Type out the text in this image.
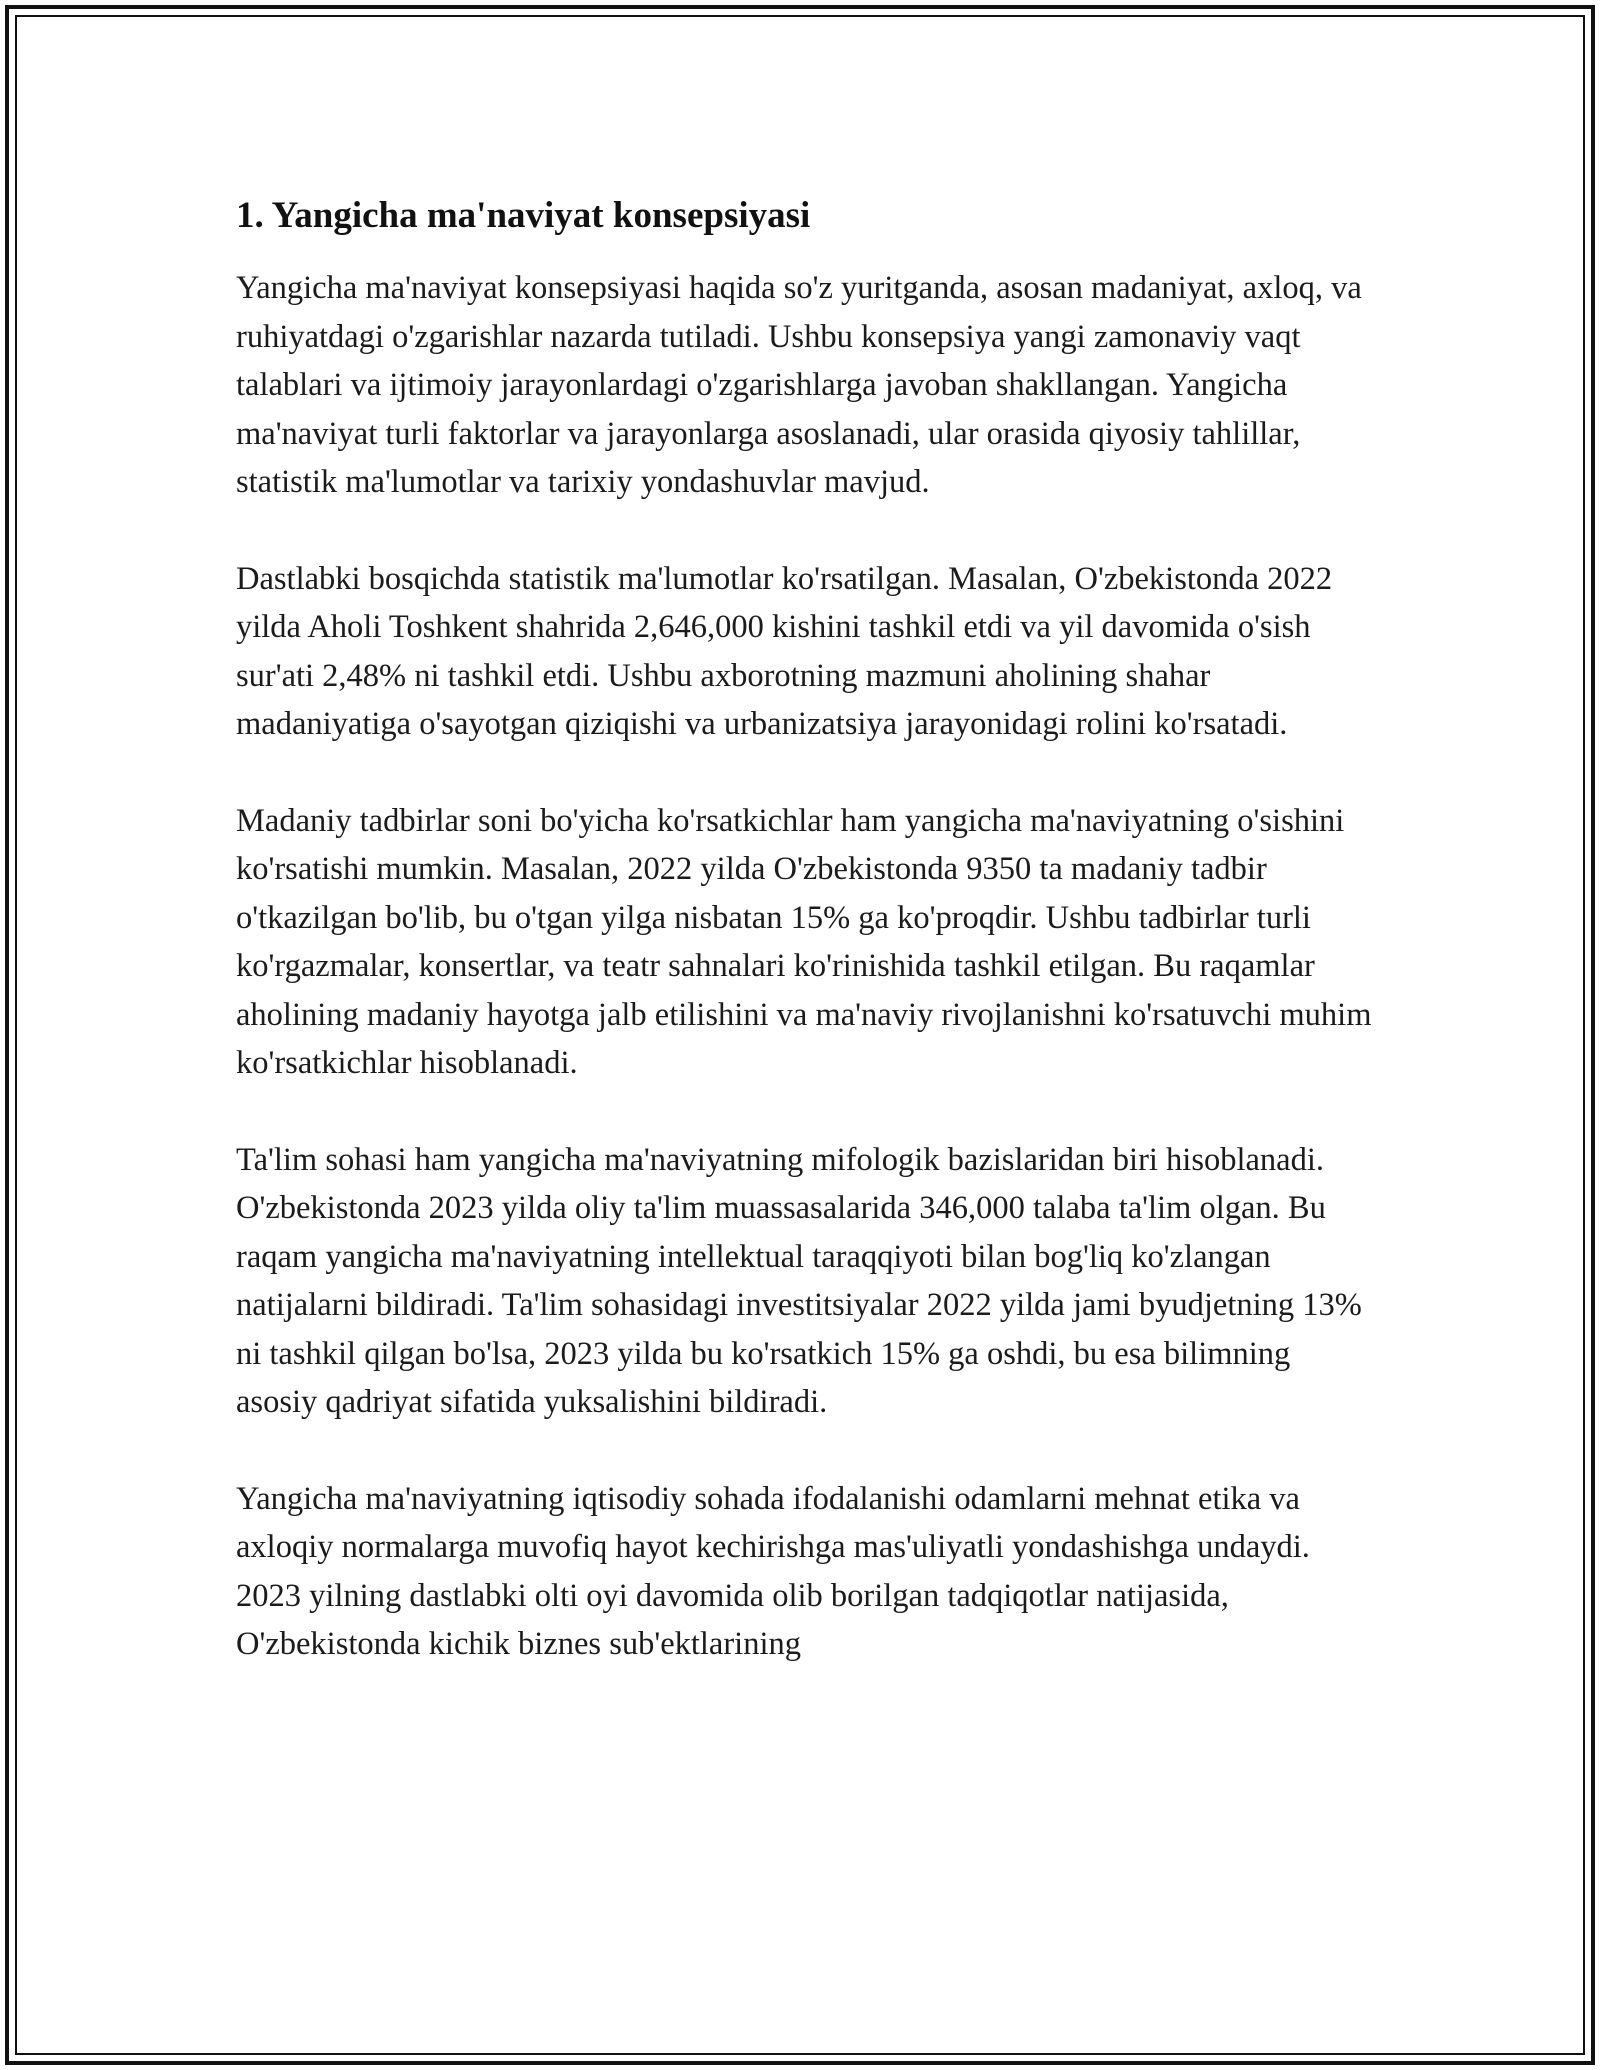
1. Yangicha ma'naviyat konsepsiyasi

Yangicha ma'naviyat konsepsiyasi haqida so'z yuritganda, asosan madaniyat, axloq, va ruhiyatdagi o'zgarishlar nazarda tutiladi. Ushbu konsepsiya yangi zamonaviy vaqt talablari va ijtimoiy jarayonlardagi o'zgarishlarga javoban shakllangan. Yangicha ma'naviyat turli faktorlar va jarayonlarga asoslanadi, ular orasida qiyosiy tahlillar, statistik ma'lumotlar va tarixiy yondashuvlar mavjud.

Dastlabki bosqichda statistik ma'lumotlar ko'rsatilgan. Masalan, O'zbekistonda 2022 yilda Aholi Toshkent shahrida 2,646,000 kishini tashkil etdi va yil davomida o'sish sur'ati 2,48% ni tashkil etdi. Ushbu axborotning mazmuni aholining shahar madaniyatiga o'sayotgan qiziqishi va urbanizatsiya jarayonidagi rolini ko'rsatadi.

Madaniy tadbirlar soni bo'yicha ko'rsatkichlar ham yangicha ma'naviyatning o'sishini ko'rsatishi mumkin. Masalan, 2022 yilda O'zbekistonda 9350 ta madaniy tadbir o'tkazilgan bo'lib, bu o'tgan yilga nisbatan 15% ga ko'proqdir. Ushbu tadbirlar turli ko'rgazmalar, konsertlar, va teatr sahnalari ko'rinishida tashkil etilgan. Bu raqamlar aholining madaniy hayotga jalb etilishini va ma'naviy rivojlanishni ko'rsatuvchi muhim ko'rsatkichlar hisoblanadi.

Ta'lim sohasi ham yangicha ma'naviyatning mifologik bazislaridan biri hisoblanadi. O'zbekistonda 2023 yilda oliy ta'lim muassasalarida 346,000 talaba ta'lim olgan. Bu raqam yangicha ma'naviyatning intellektual taraqqiyoti bilan bog'liq ko'zlangan natijalarni bildiradi. Ta'lim sohasidagi investitsiyalar 2022 yilda jami byudjetning 13% ni tashkil qilgan bo'lsa, 2023 yilda bu ko'rsatkich 15% ga oshdi, bu esa bilimning asosiy qadriyat sifatida yuksalishini bildiradi.

Yangicha ma'naviyatning iqtisodiy sohada ifodalanishi odamlarni mehnat etika va axloqiy normalarga muvofiq hayot kechirishga mas'uliyatli yondashishga undaydi. 2023 yilning dastlabki olti oyi davomida olib borilgan tadqiqotlar natijasida, O'zbekistonda kichik biznes sub'ektlarining
